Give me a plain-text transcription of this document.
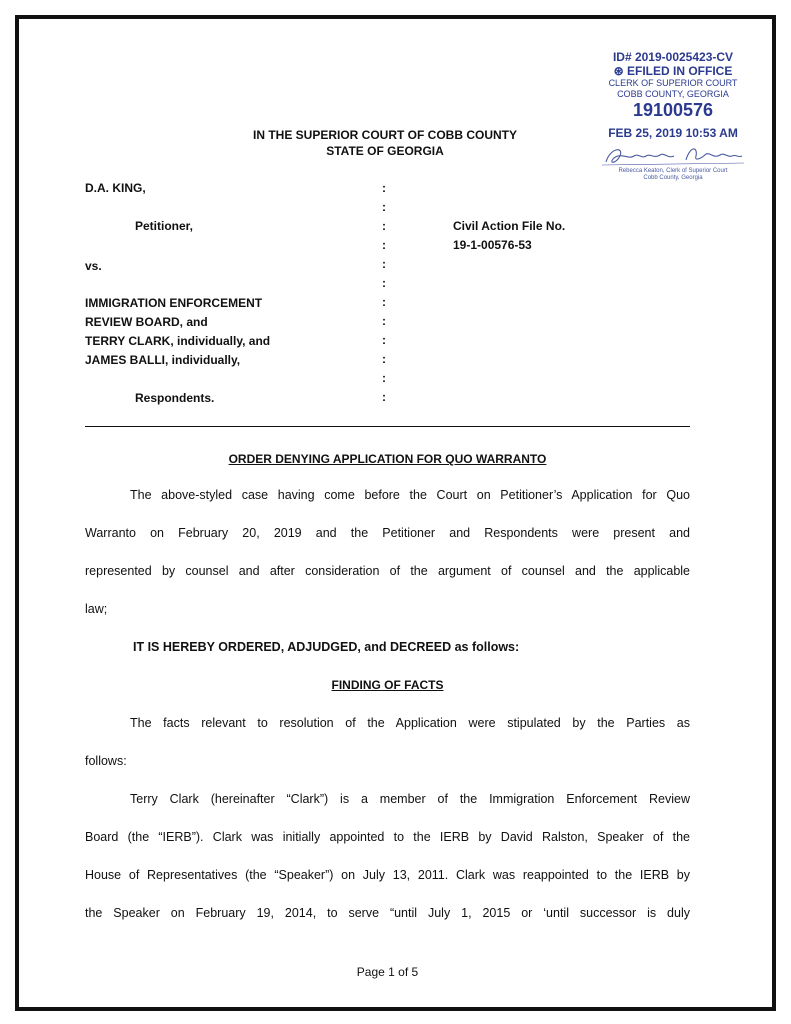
ID# 2019-0025423-CV
⊛ EFILED IN OFFICE
CLERK OF SUPERIOR COURT
COBB COUNTY, GEORGIA
19100576
FEB 25, 2019 10:53 AM
Rebecca Keaton, Clerk of Superior Court
Cobb County, Georgia
IN THE SUPERIOR COURT OF COBB COUNTY
STATE OF GEORGIA
D.A. KING,
Petitioner,
vs.
IMMIGRATION ENFORCEMENT
REVIEW BOARD, and
TERRY CLARK, individually, and
JAMES BALLI, individually,
Respondents.
:
:
:
:
:
:
:
:
:
:
:
:
Civil Action File No.
19-1-00576-53
ORDER DENYING APPLICATION FOR QUO WARRANTO
The above-styled case having come before the Court on Petitioner’s Application for Quo
Warranto on February 20, 2019 and the Petitioner and Respondents were present and
represented by counsel and after consideration of the argument of counsel and the applicable
law;
IT IS HEREBY ORDERED, ADJUDGED, and DECREED as follows:
FINDING OF FACTS
The facts relevant to resolution of the Application were stipulated by the Parties as
follows:
Terry Clark (hereinafter “Clark”) is a member of the Immigration Enforcement Review
Board (the “IERB”). Clark was initially appointed to the IERB by David Ralston, Speaker of the
House of Representatives (the “Speaker”) on July 13, 2011. Clark was reappointed to the IERB by
the Speaker on February 19, 2014, to serve “until July 1, 2015 or ‘until successor is duly
Page 1 of 5
